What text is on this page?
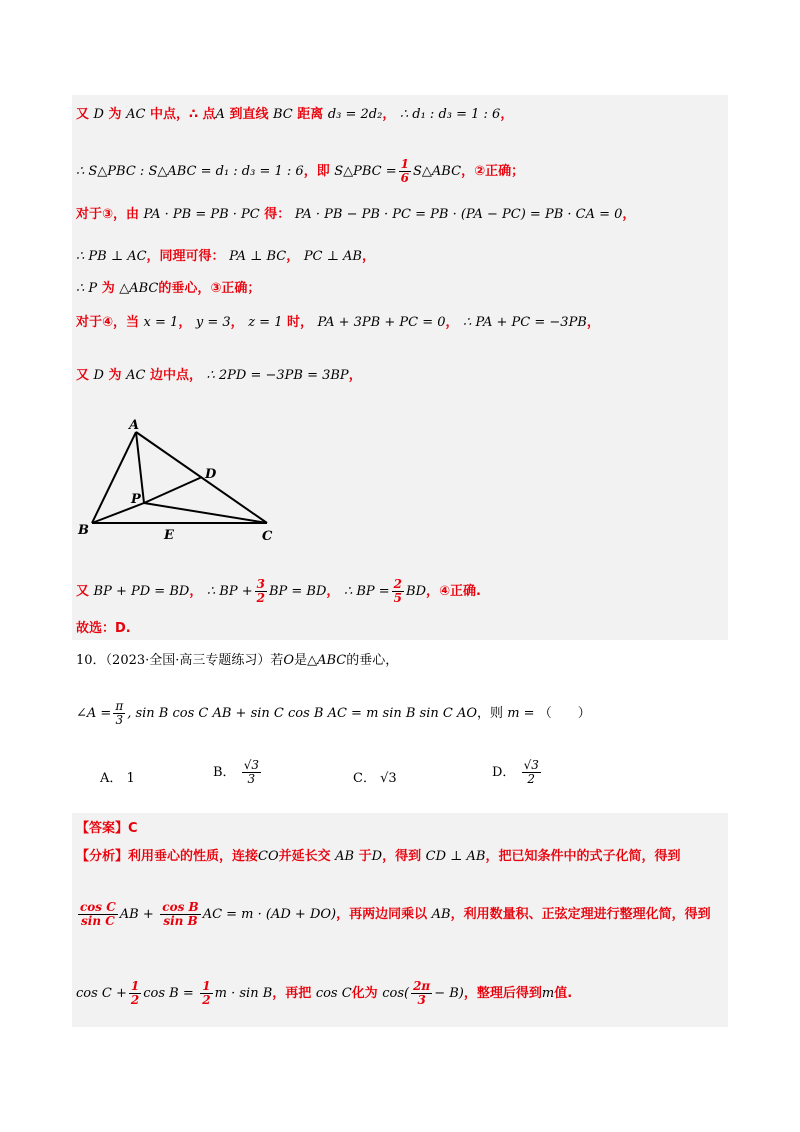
又 D 为 AC 中点，∴ 点A 到直线 BC 距离 d₃ = 2d₂， ∴ d₁ : d₃ = 1 : 6，
∴ S△PBC : S△ABC = d₁ : d₃ = 1 : 6，即 S△PBC = $\frac{1}{6}$ S△ABC，②正确；
对于③，由 PA · PB = PB · PC 得： PA · PB − PB · PC = PB · (PA − PC) = PB · CA = 0，
∴ PB ⊥ AC，同理可得： PA ⊥ BC， PC ⊥ AB，
∴ P 为 △ABC的垂心，③正确；
对于④，当 x = 1， y = 3， z = 1 时， PA + 3PB + PC = 0， ∴ PA + PC = −3PB，
又 D 为 AC 边中点， ∴ 2PD = −3PB = 3BP，
A
B	C
D
P
E
又 BP + PD = BD， ∴ BP + $\frac{3}{2}$ BP = BD， ∴ BP = $\frac{2}{5}$ BD，④正确.
故选：D.
10．（2023·全国·高三专题练习）若O是△ABC的垂心，
∠A = $\frac{\pi}{3}$ , sin B cos C AB + sin C cos B AC = m sin B sin C AO，则 m = （　　）
A． 1	B． $\frac{√3}{3}$	C． √3	D． $\frac{√3}{2}$
【答案】C
【分析】利用垂心的性质，连接CO并延长交 AB 于D，得到 CD ⊥ AB，把已知条件中的式子化简，得到
$\frac{\text{cos C}}{\text{sin C}}$ AB + $\frac{\text{cos B}}{\text{sin B}}$ AC = m · (AD + DO)，再两边同乘以 AB，利用数量积、正弦定理进行整理化简，得到
$\cos C + \frac{1}{2}$ $\cos B = \frac{1}{2}$ m · sin B，再把 cos C化为 $\cos( \frac{2\pi}{3} - B)$，整理后得到m值.
